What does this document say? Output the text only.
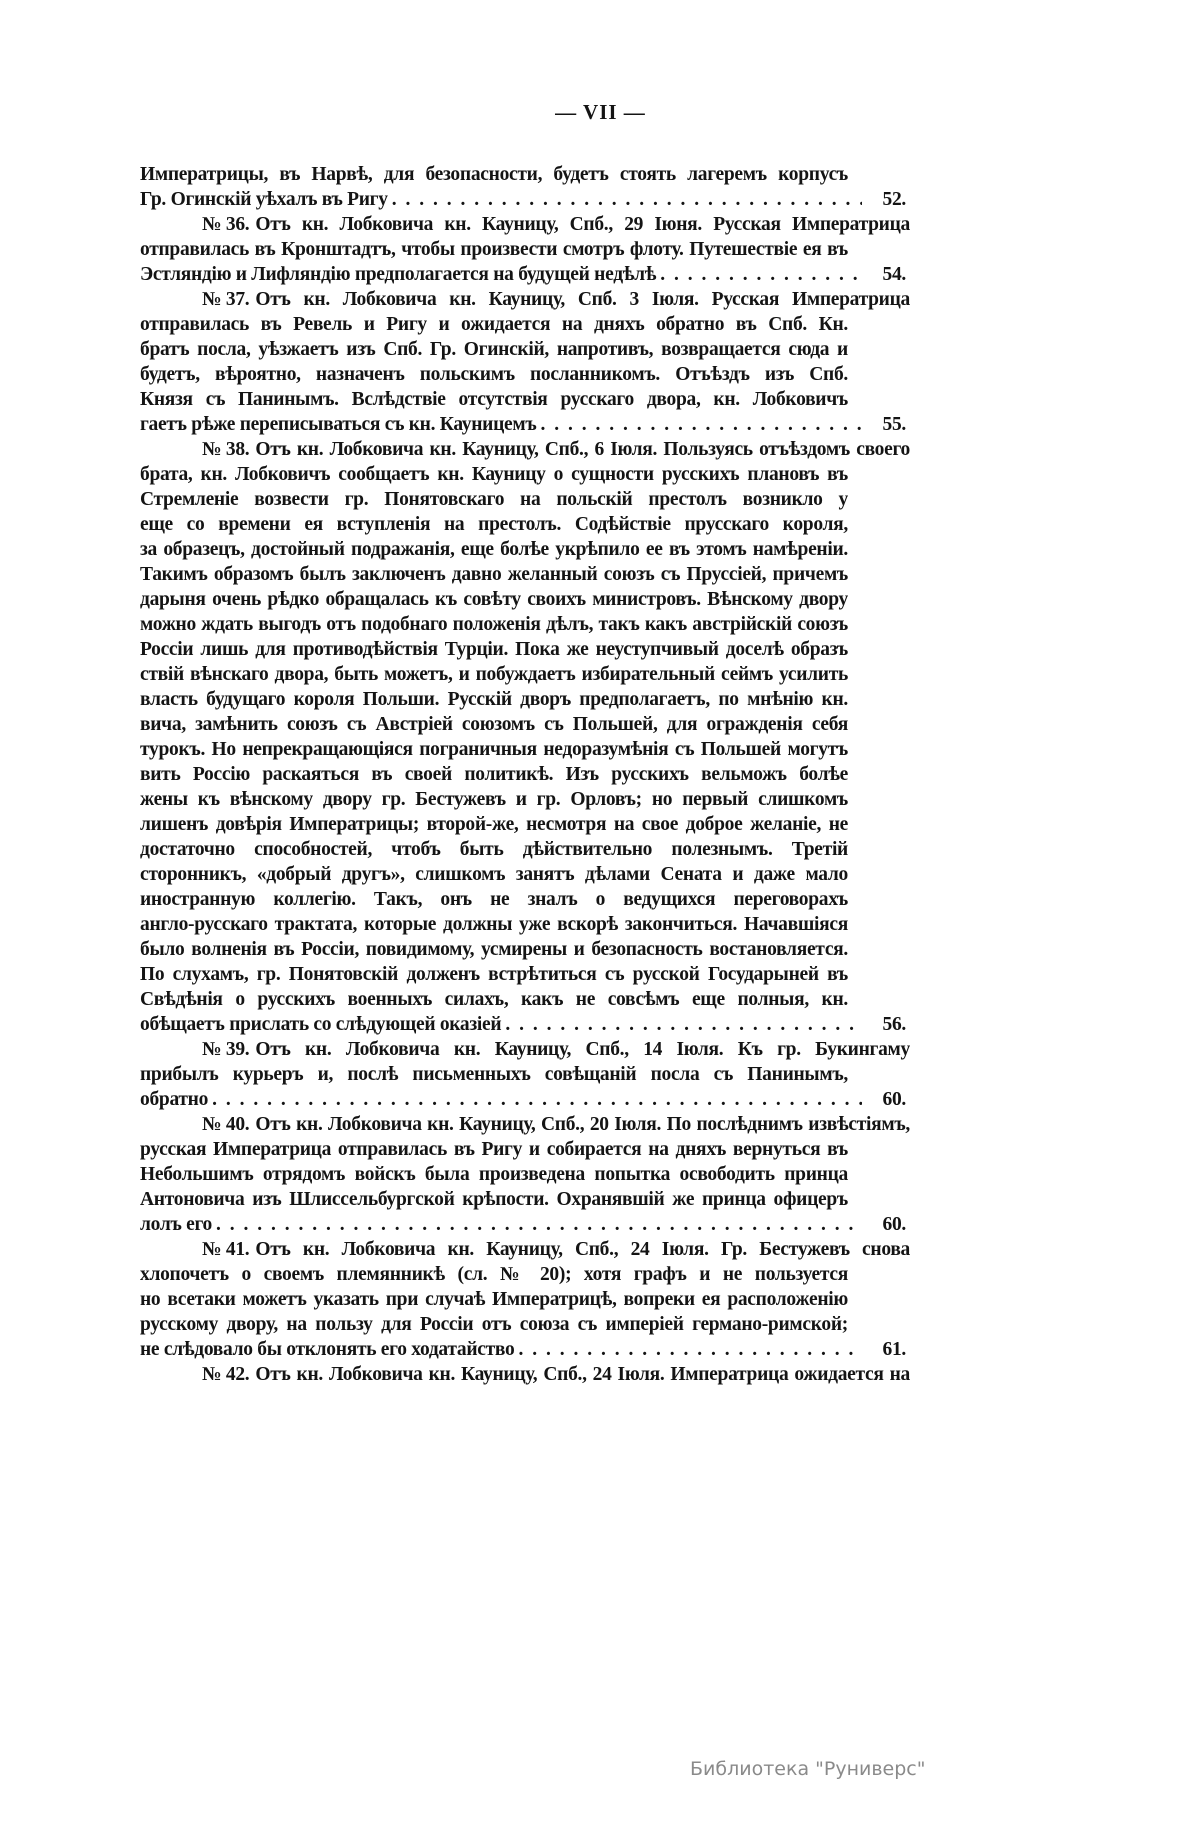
— VII —
Императрицы, въ Нарвѣ, для безопасности, будетъ стоять лагеремъ корпусъ
Гр. Огинскій уѣхалъ въ Ригу . . .	52.
№ 36. Отъ кн. Лобковича кн. Кауницу, Спб., 29 Іюня. Русская Императрица
отправилась въ Кронштадтъ, чтобы произвести смотръ флоту. Путешествіе ея въ
Эстляндію и Лифляндію предполагается на будущей недѣлѣ . . .	54.
№ 37. Отъ кн. Лобковича кн. Кауницу, Спб. 3 Іюля. Русская Императрица
отправилась въ Ревель и Ригу и ожидается на дняхъ обратно въ Спб. Кн.
братъ посла, уѣзжаетъ изъ Спб. Гр. Огинскій, напротивъ, возвращается сюда и
будетъ, вѣроятно, назначенъ польскимъ посланникомъ. Отъѣздъ изъ Спб.
Князя съ Панинымъ. Вслѣдствіе отсутствія русскаго двора, кн. Лобковичъ
гаетъ рѣже переписываться съ кн. Кауницемъ . . .	55.
№ 38. Отъ кн. Лобковича кн. Кауницу, Спб., 6 Іюля. Пользуясь отъѣздомъ своего
брата, кн. Лобковичъ сообщаетъ кн. Кауницу о сущности русскихъ плановъ въ
Стремленіе возвести гр. Понятовскаго на польскій престолъ возникло у
еще со времени ея вступленія на престолъ. Содѣйствіе прусскаго короля,
за образецъ, достойный подражанія, еще болѣе укрѣпило ее въ этомъ намѣреніи.
Такимъ образомъ былъ заключенъ давно желанный союзъ съ Пруссіей, причемъ
дарыня очень рѣдко обращалась къ совѣту своихъ министровъ. Вѣнскому двору
можно ждать выгодъ отъ подобнаго положенія дѣлъ, такъ какъ австрійскій союзъ
Россіи лишь для противодѣйствія Турціи. Пока же неуступчивый доселѣ образъ
ствій вѣнскаго двора, быть можетъ, и побуждаетъ избирательный сеймъ усилить
власть будущаго короля Польши. Русскій дворъ предполагаетъ, по мнѣнію кн.
вича, замѣнить союзъ съ Австріей союзомъ съ Польшей, для огражденія себя
турокъ. Но непрекращающіяся пограничныя недоразумѣнія съ Польшей могутъ
вить Россію раскаяться въ своей политикѣ. Изъ русскихъ вельможъ болѣе
жены къ вѣнскому двору гр. Бестужевъ и гр. Орловъ; но первый слишкомъ
лишенъ довѣрія Императрицы; второй-же, несмотря на свое доброе желаніе, не
достаточно способностей, чтобъ быть дѣйствительно полезнымъ. Третій
сторонникъ, «добрый другъ», слишкомъ занятъ дѣлами Сената и даже мало
иностранную коллегію. Такъ, онъ не зналъ о ведущихся переговорахъ
англо-русскаго трактата, которые должны уже вскорѣ закончиться. Начавшіяся
было волненія въ Россіи, повидимому, усмирены и безопасность востановляется.
По слухамъ, гр. Понятовскій долженъ встрѣтиться съ русской Государыней въ
Свѣдѣнія о русскихъ военныхъ силахъ, какъ не совсѣмъ еще полныя, кн.
обѣщаетъ прислать со слѣдующей оказіей . . .	56.
№ 39. Отъ кн. Лобковича кн. Кауницу, Спб., 14 Іюля. Къ гр. Букингаму
прибылъ курьеръ и, послѣ письменныхъ совѣщаній посла съ Панинымъ,
обратно . . .	60.
№ 40. Отъ кн. Лобковича кн. Кауницу, Спб., 20 Іюля. По послѣднимъ извѣстіямъ,
русская Императрица отправилась въ Ригу и собирается на дняхъ вернуться въ
Небольшимъ отрядомъ войскъ была произведена попытка освободить принца
Антоновича изъ Шлиссельбургской крѣпости. Охранявшій же принца офицеръ
лолъ его . . .	60.
№ 41. Отъ кн. Лобковича кн. Кауницу, Спб., 24 Іюля. Гр. Бестужевъ снова
хлопочетъ о своемъ племянникѣ (сл. № 20); хотя графъ и не пользуется
но всетаки можетъ указать при случаѣ Императрицѣ, вопреки ея расположенію
русскому двору, на пользу для Россіи отъ союза съ имперіей германо-римской;
не слѣдовало бы отклонять его ходатайство . . .	61.
№ 42. Отъ кн. Лобковича кн. Кауницу, Спб., 24 Іюля. Императрица ожидается на
Библиотека "Руниверс"
